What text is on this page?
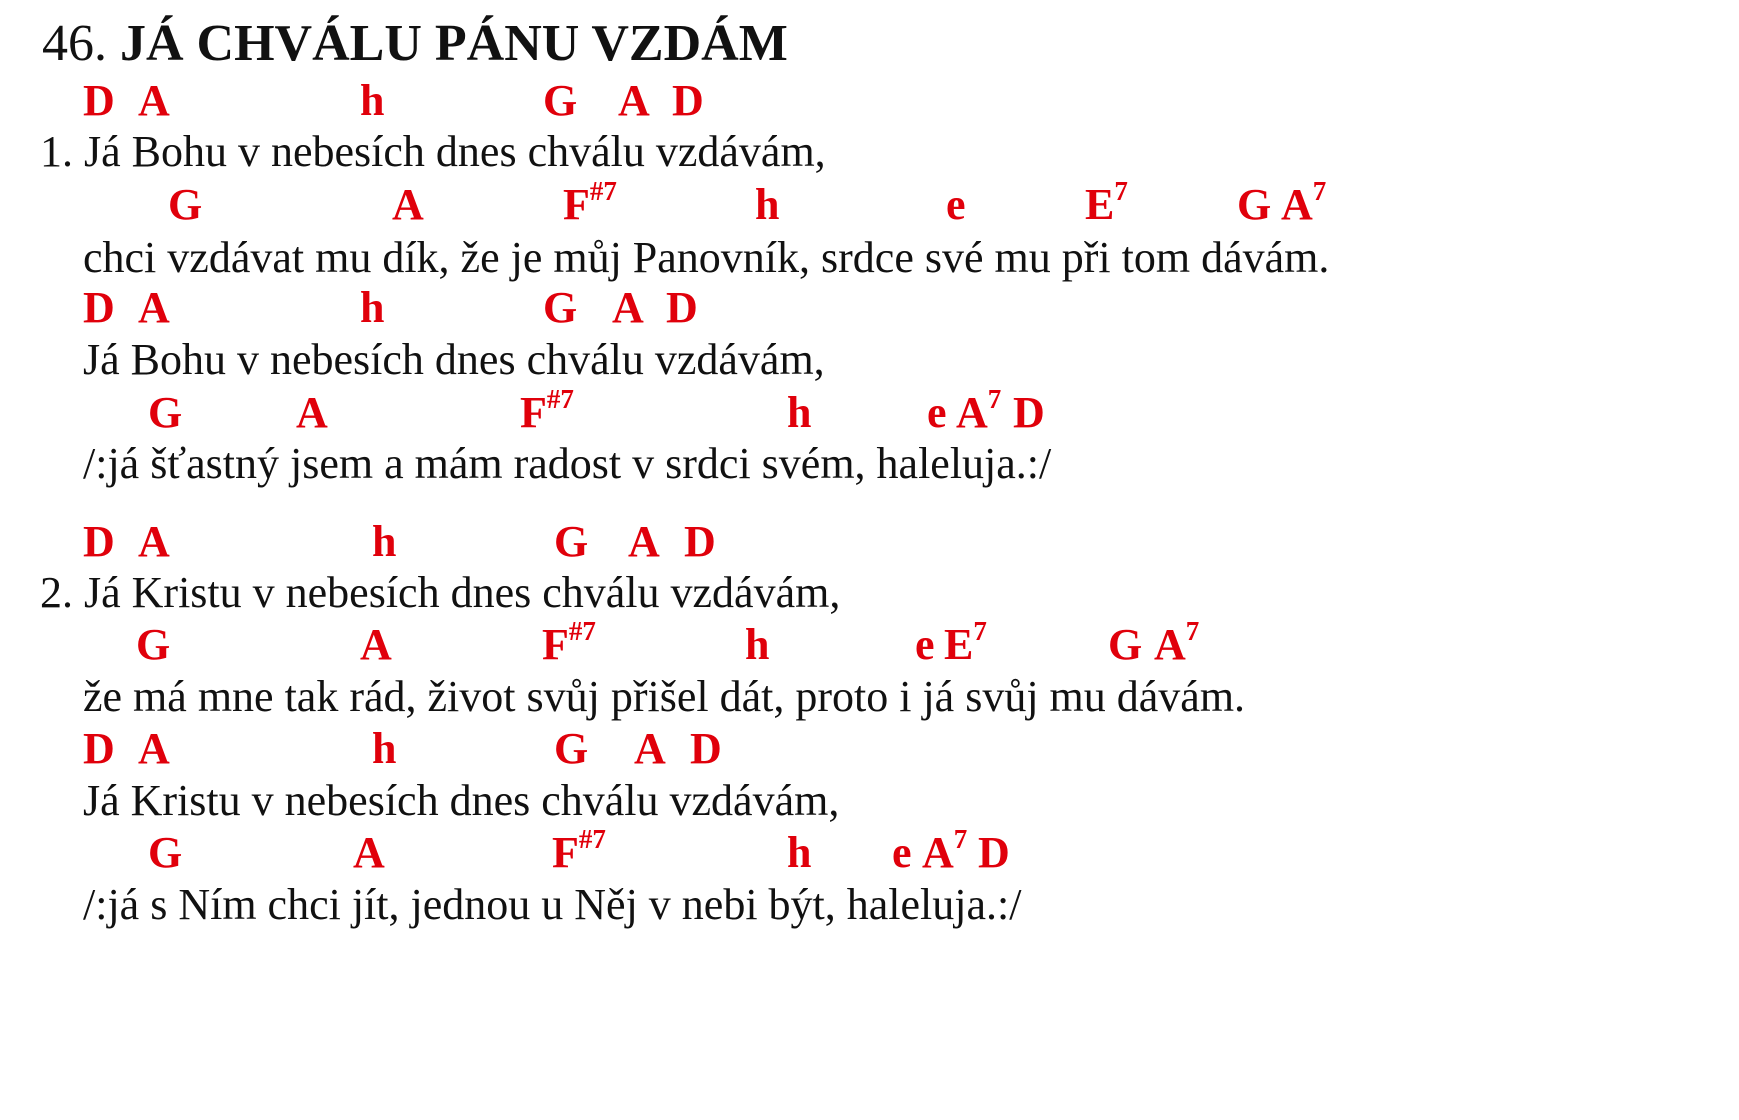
46. JÁ CHVÁLU PÁNU VZDÁM
D A	h	G A D
1. Já Bohu v nebesích dnes chválu vzdávám,
G	A	$F^{\#7}$	h	e	$E^7$ G $A^7$
chci vzdávat mu dík, že je můj Panovník, srdce své mu při tom dávám.
D A	h	G A D
Já Bohu v nebesích dnes chválu vzdávám,
G	A	$F^{\#7}$	h	e $A^7$ D
/:já šťastný jsem a mám radost v srdci svém, haleluja.:/
D A	h	G A D
2. Já Kristu v nebesích dnes chválu vzdávám,
G	A	$F^{\#7}$	h	e $E^7$	G $A^7$
že má mne tak rád, život svůj přišel dát, proto i já svůj mu dávám.
D A	h	G A D
Já Kristu v nebesích dnes chválu vzdávám,
G	A	$F^{\#7}$	h e $A^7$ D
/:já s Ním chci jít, jednou u Něj v nebi být, haleluja.:/
